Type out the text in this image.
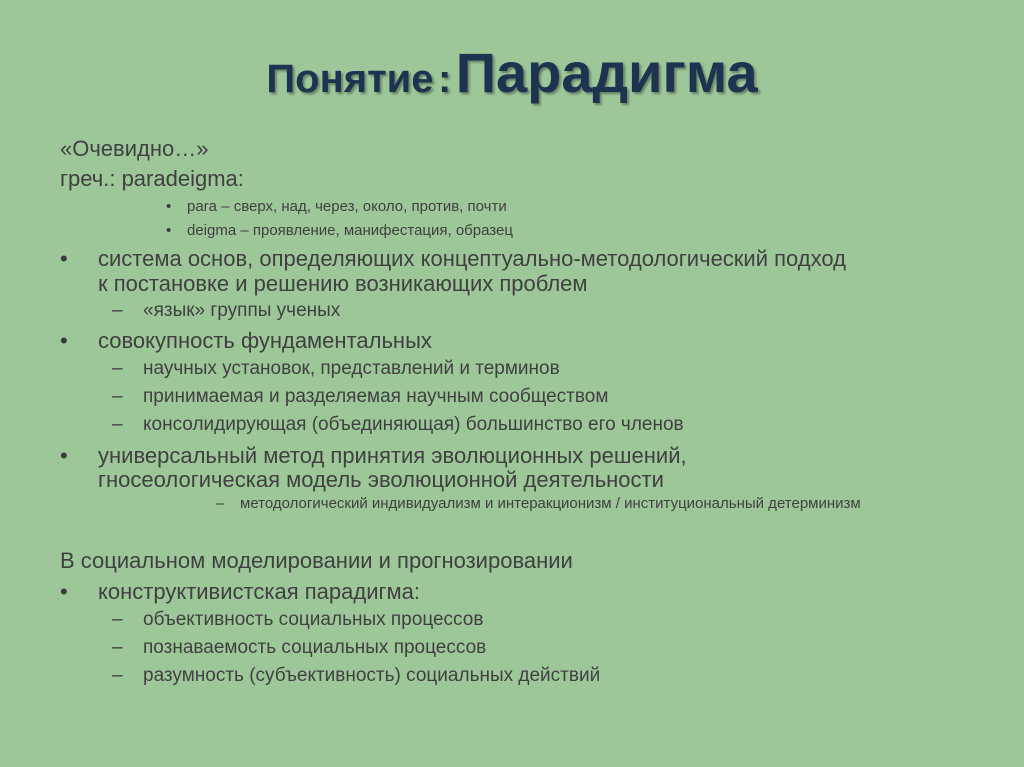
Понятие : Парадигма
«Очевидно…»
греч.: paradeigma:
• para – сверх, над, через, около, против, почти
• deigma – проявление, манифестация, образец
• система основ, определяющих концептуально-методологический подход
к постановке и решению возникающих проблем
– «язык» группы ученых
• совокупность фундаментальных
– научных установок, представлений и терминов
– принимаемая и разделяемая научным сообществом
– консолидирующая (объединяющая) большинство его членов
• универсальный метод принятия эволюционных решений,
гносеологическая модель эволюционной деятельности
– методологический индивидуализм и интеракционизм / институциональный детерминизм
В социальном моделировании и прогнозировании
• конструктивистская парадигма:
– объективность социальных процессов
– познаваемость социальных процессов
– разумность (субъективность) социальных действий
